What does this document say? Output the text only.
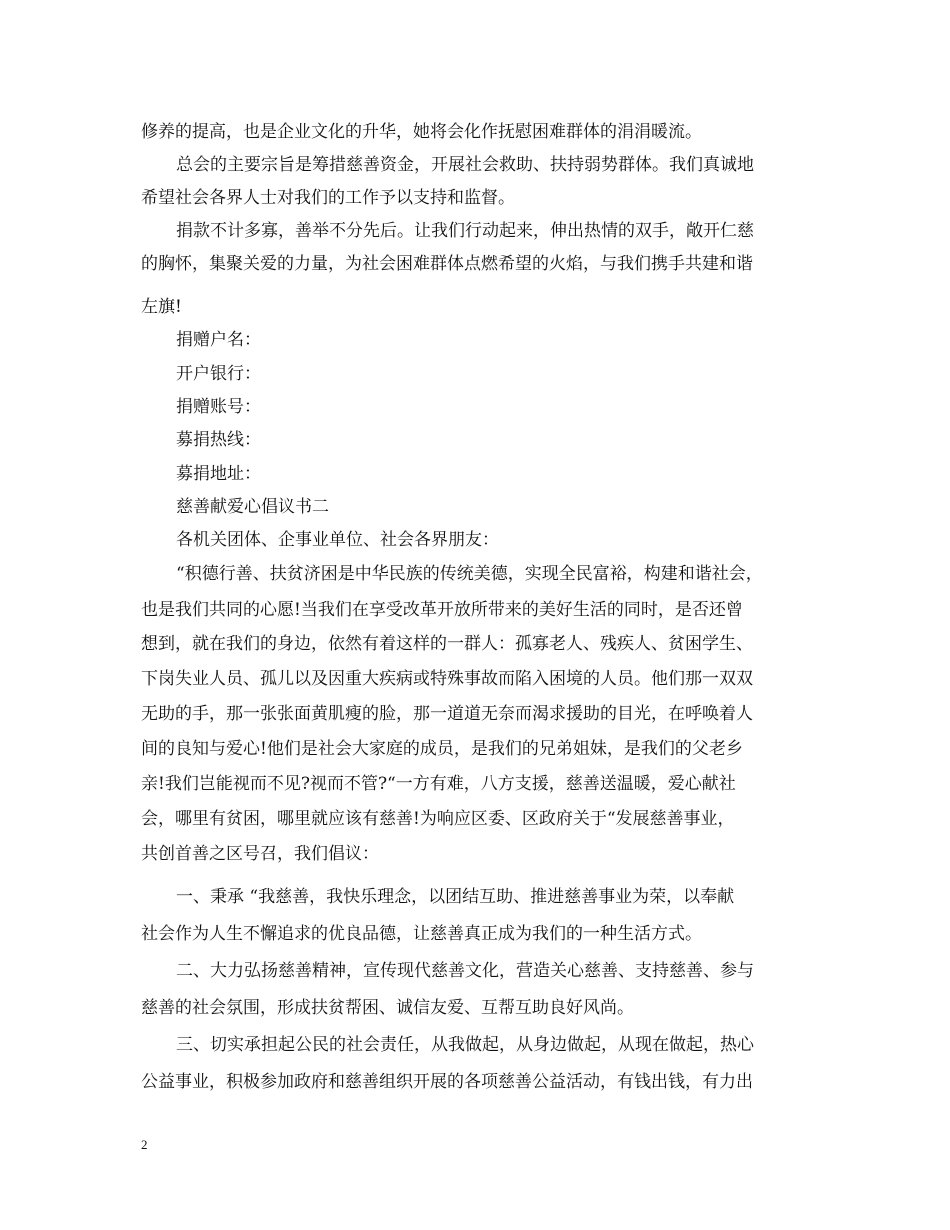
修养的提高，也是企业文化的升华，她将会化作抚慰困难群体的涓涓暖流。
总会的主要宗旨是筹措慈善资金，开展社会救助、扶持弱势群体。我们真诚地
希望社会各界人士对我们的工作予以支持和监督。
捐款不计多寡，善举不分先后。让我们行动起来，伸出热情的双手，敞开仁慈
的胸怀，集聚关爱的力量，为社会困难群体点燃希望的火焰，与我们携手共建和谐
左旗!
捐赠户名：
开户银行：
捐赠账号：
募捐热线：
募捐地址：
慈善献爱心倡议书二
各机关团体、企事业单位、社会各界朋友：
“积德行善、扶贫济困是中华民族的传统美德，实现全民富裕，构建和谐社会，
也是我们共同的心愿!当我们在享受改革开放所带来的美好生活的同时，是否还曾
想到，就在我们的身边，依然有着这样的一群人：孤寡老人、残疾人、贫困学生、
下岗失业人员、孤儿以及因重大疾病或特殊事故而陷入困境的人员。他们那一双双
无助的手，那一张张面黄肌瘦的脸，那一道道无奈而渴求援助的目光，在呼唤着人
间的良知与爱心!他们是社会大家庭的成员，是我们的兄弟姐妹，是我们的父老乡
亲!我们岂能视而不见?视而不管?“一方有难，八方支援，慈善送温暖，爱心献社
会，哪里有贫困，哪里就应该有慈善!为响应区委、区政府关于“发展慈善事业，
共创首善之区号召，我们倡议：
一、秉承 “我慈善，我快乐理念，以团结互助、推进慈善事业为荣，以奉献
社会作为人生不懈追求的优良品德，让慈善真正成为我们的一种生活方式。
二、大力弘扬慈善精神，宣传现代慈善文化，营造关心慈善、支持慈善、参与
慈善的社会氛围，形成扶贫帮困、诚信友爱、互帮互助良好风尚。
三、切实承担起公民的社会责任，从我做起，从身边做起，从现在做起，热心
公益事业，积极参加政府和慈善组织开展的各项慈善公益活动，有钱出钱，有力出
2
